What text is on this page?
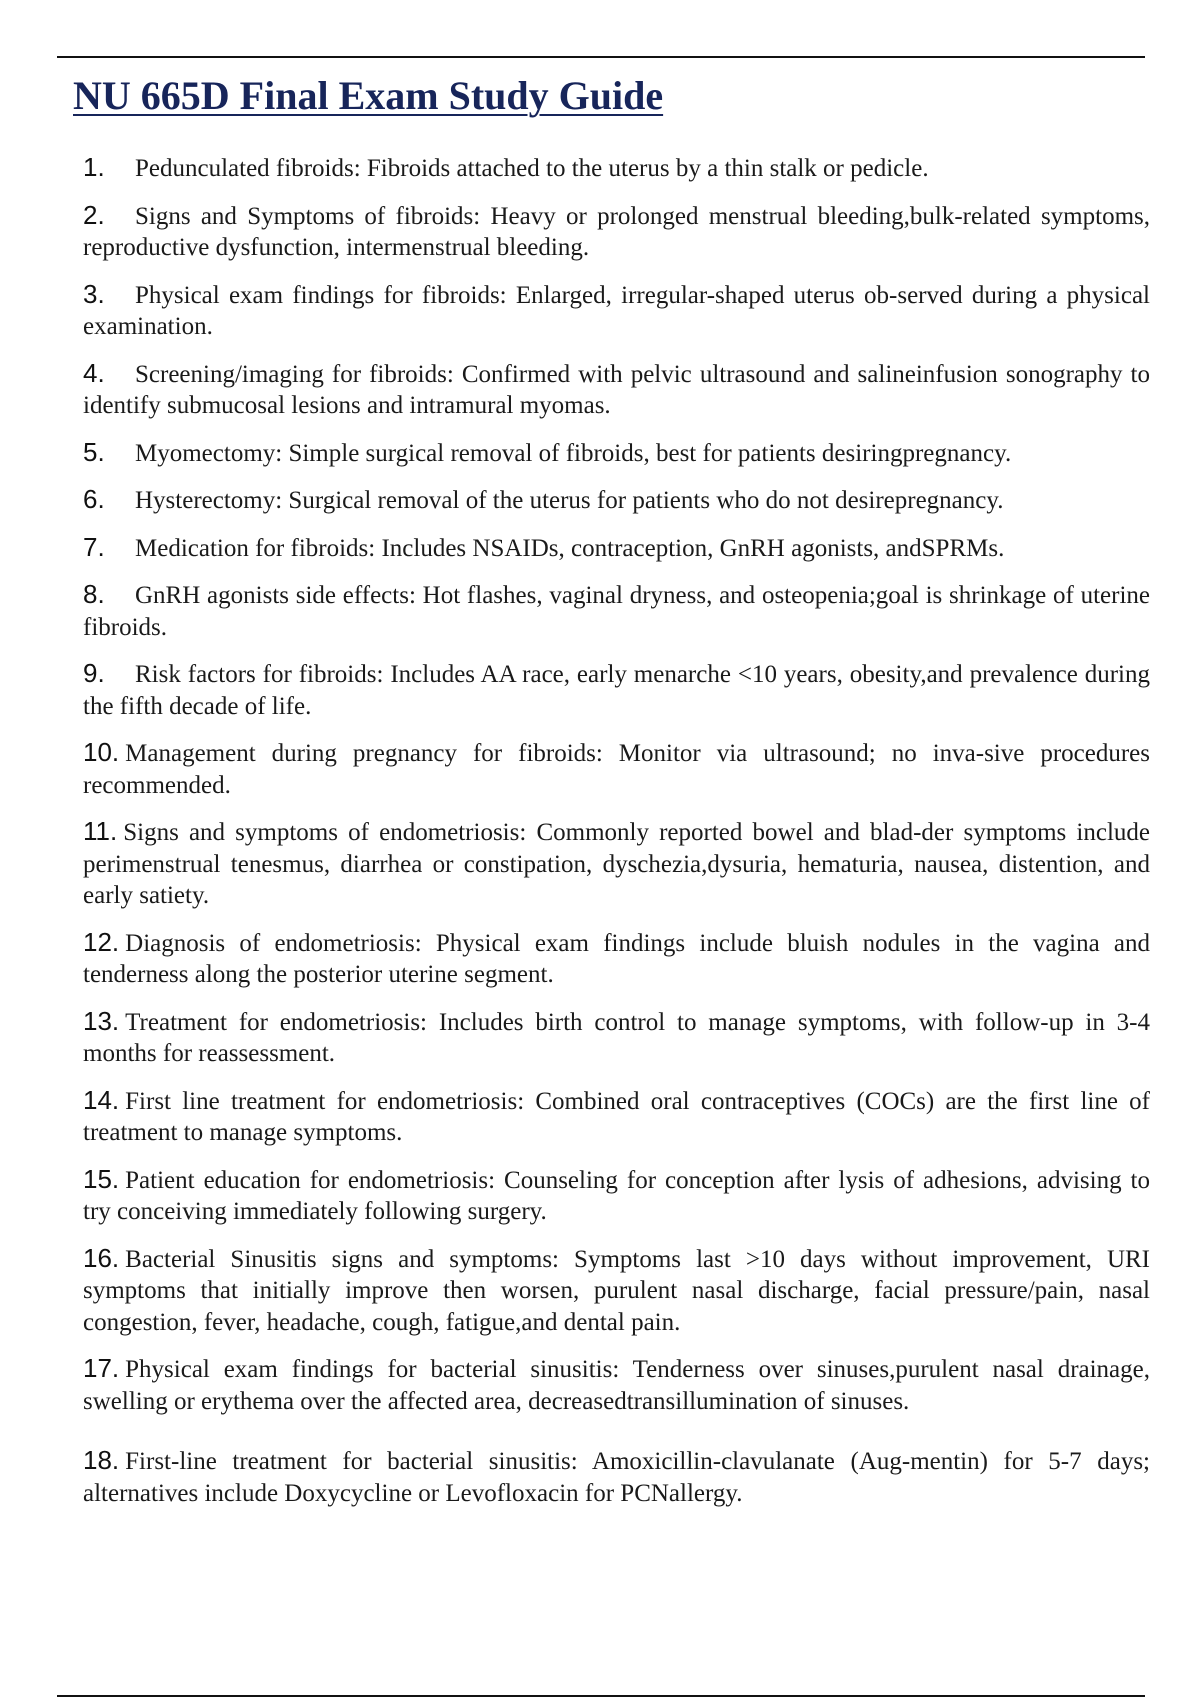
NU 665D Final Exam Study Guide
1. Pedunculated fibroids: Fibroids attached to the uterus by a thin stalk or pedicle.
2. Signs and Symptoms of fibroids: Heavy or prolonged menstrual bleeding,bulk-related symptoms, reproductive dysfunction, intermenstrual bleeding.
3. Physical exam findings for fibroids: Enlarged, irregular-shaped uterus ob-served during a physical examination.
4. Screening/imaging for fibroids: Confirmed with pelvic ultrasound and salineinfusion sonography to identify submucosal lesions and intramural myomas.
5. Myomectomy: Simple surgical removal of fibroids, best for patients desiringpregnancy.
6. Hysterectomy: Surgical removal of the uterus for patients who do not desirepregnancy.
7. Medication for fibroids: Includes NSAIDs, contraception, GnRH agonists, andSPRMs.
8. GnRH agonists side effects: Hot flashes, vaginal dryness, and osteopenia;goal is shrinkage of uterine fibroids.
9. Risk factors for fibroids: Includes AA race, early menarche <10 years, obesity,and prevalence during the fifth decade of life.
10. Management during pregnancy for fibroids: Monitor via ultrasound; no inva-sive procedures recommended.
11. Signs and symptoms of endometriosis: Commonly reported bowel and blad-der symptoms include perimenstrual tenesmus, diarrhea or constipation, dyschezia,dysuria, hematuria, nausea, distention, and early satiety.
12. Diagnosis of endometriosis: Physical exam findings include bluish nodules in the vagina and tenderness along the posterior uterine segment.
13. Treatment for endometriosis: Includes birth control to manage symptoms, with follow-up in 3-4 months for reassessment.
14. First line treatment for endometriosis: Combined oral contraceptives (COCs) are the first line of treatment to manage symptoms.
15. Patient education for endometriosis: Counseling for conception after lysis of adhesions, advising to try conceiving immediately following surgery.
16. Bacterial Sinusitis signs and symptoms: Symptoms last >10 days without improvement, URI symptoms that initially improve then worsen, purulent nasal discharge, facial pressure/pain, nasal congestion, fever, headache, cough, fatigue,and dental pain.
17. Physical exam findings for bacterial sinusitis: Tenderness over sinuses,purulent nasal drainage, swelling or erythema over the affected area, decreasedtransillumination of sinuses.
18. First-line treatment for bacterial sinusitis: Amoxicillin-clavulanate (Aug-mentin) for 5-7 days; alternatives include Doxycycline or Levofloxacin for PCNallergy.
